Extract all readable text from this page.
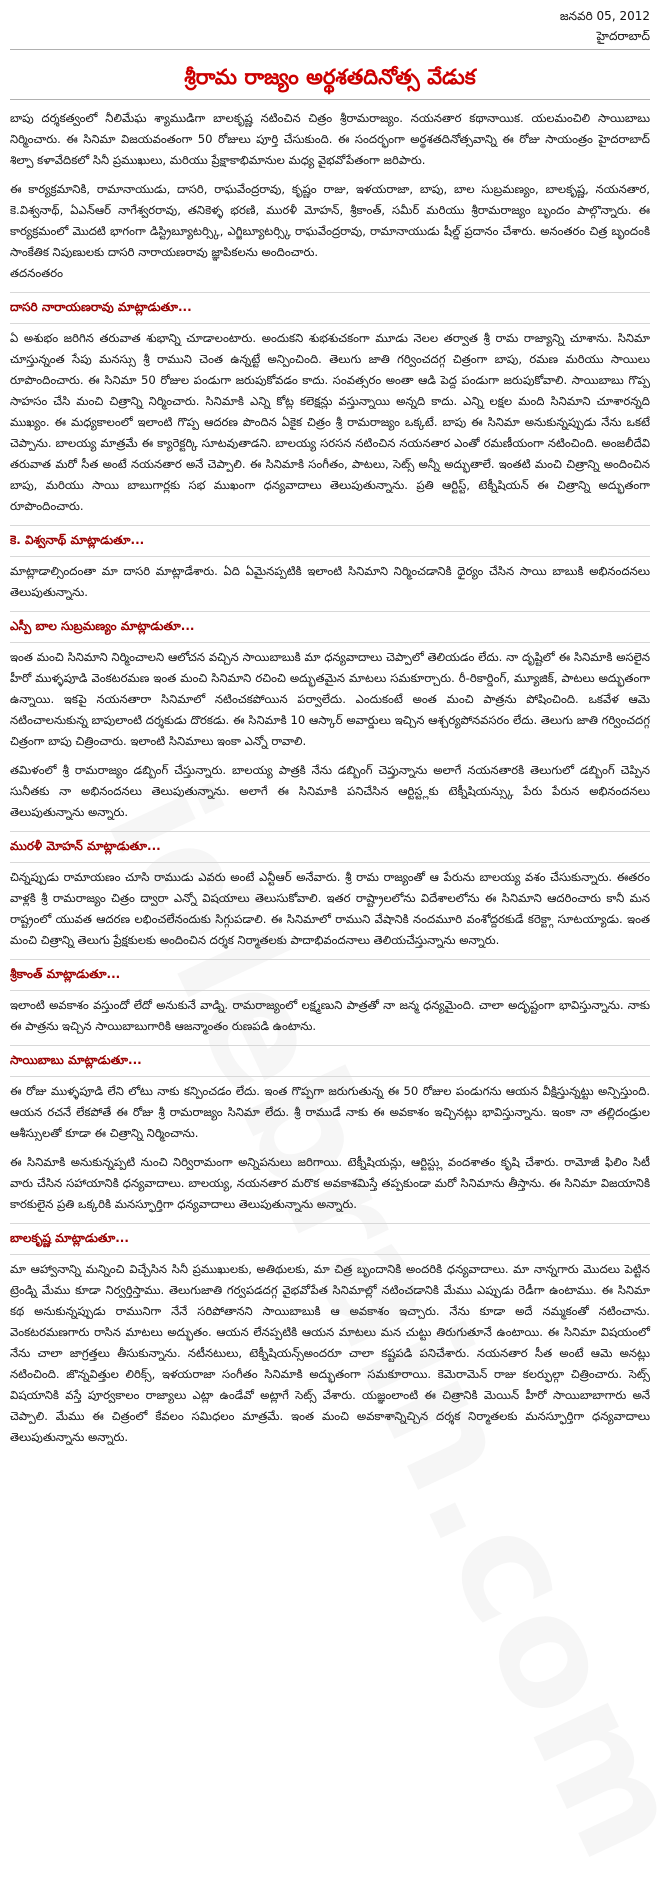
జనవరి 05, 2012
హైదరాబాద్
శ్రీరామ రాజ్యం అర్థశతదినోత్స వేడుక

బాపు దర్శకత్వంలో నీలిమేఘ శ్యాముడిగా బాలకృష్ణ నటించిన చిత్రం శ్రీరామరాజ్యం. నయనతార కథానాయిక. యలమంచిలి సాయిబాబు నిర్మించారు. ఈ సినిమా విజయవంతంగా 50 రోజులు పూర్తి చేసుకుంది. ఈ సందర్భంగా అర్థశతదినోత్సవాన్ని ఈ రోజు సాయంత్రం హైదరాబాద్ శిల్పా కళావేదికలో సినీ ప్రముఖులు, మరియు ప్రేక్షాకాభిమానుల మధ్య వైభవోపేతంగా జరిపారు.

ఈ కార్యక్రమానికి, రామానాయుడు, దాసరి, రాఘవేంద్రరావు, కృష్ణం రాజు, ఇళయరాజా, బాపు, బాల సుబ్రమణ్యం, బాలకృష్ణ, నయనతార, కె.విశ్వనాథ్, ఏఎన్ఆర్ నాగేశ్వరరావు, తనికెళ్ళ భరణి, మురళీ మోహన్, శ్రీకాంత్, సమీర్ మరియు శ్రీరామరాజ్యం బృందం పాల్గొన్నారు. ఈ కార్యక్రమంలో మొదటి భాగంగా డిస్ట్రిబ్యూటర్స్కి, ఎగ్జిబ్యూటర్స్కి రాఘవేంద్రరావు, రామానాయుడు షీల్డ్ ప్రదానం చేశారు. అనంతరం చిత్ర బృందంకి సాంకేతిక నిపుణులకు దాసరి నారాయణరావు జ్ఞాపికలను అందించారు.
తదనంతరం

దాసరి నారాయణరావు మాట్లాడుతూ...

ఏ అశుభం జరిగిన తరువాత శుభాన్ని చూడాలంటారు. అందుకని శుభశుచకంగా మూడు నెలల తర్వాత శ్రీ రామ రాజ్యాన్ని చూశాను. సినిమా చూస్తున్నంత సేపు మనస్సు శ్రీ రాముని చెంత ఉన్నట్టే అన్పించింది. తెలుగు జాతి గర్వించదగ్గ చిత్రంగా బాపు, రమణ మరియు సాయిలు రూపొందించారు. ఈ సినిమా 50 రోజుల పండుగా జరుపుకోవడం కాదు. సంవత్సరం అంతా ఆడి పెద్ద పండుగా జరుపుకోవాలి. సాయిబాబు గొప్ప సాహసం చేసి మంచి చిత్రాన్ని నిర్మించారు. సినిమాకి ఎన్ని కోట్ల కలెక్షన్లు వస్తున్నాయి అన్నది కాదు. ఎన్ని లక్షల మంది సినిమాని చూశారన్నది ముఖ్యం. ఈ మధ్యకాలంలో ఇలాంటి గొప్ప ఆదరణ పొందిన ఏకైక చిత్రం శ్రీ రామరాజ్యం ఒక్కటే. బాపు ఈ సినిమా అనుకున్నప్పుడు నేను ఒకటే చెప్పాను. బాలయ్య మాత్రమే ఈ క్యారెక్టర్కి సూటవుతాడని. బాలయ్య సరసన నటించిన నయనతార ఎంతో రమణీయంగా నటించింది. అంజలీదేవి తరువాత మరో సీత అంటే నయనతార అనే చెప్పాలి. ఈ సినిమాకి సంగీతం, పాటలు, సెట్స్ అన్నీ అద్భుతాలే. ఇంతటి మంచి చిత్రాన్ని అందించిన బాపు, మరియు సాయి బాబుగార్లకు సభ ముఖంగా ధన్యవాదాలు తెలుపుతున్నాను. ప్రతి ఆర్టిస్ట్, టెక్నీషియన్ ఈ చిత్రాన్ని అద్భుతంగా రూపొందించారు.

కె. విశ్వనాథ్ మాట్లాడుతూ...

మాట్లాడాల్సిందంతా మా దాసరి మాట్లాడేశారు. ఏది ఏమైనప్పటికి ఇలాంటి సినిమాని నిర్మించడానికి ధైర్యం చేసిన సాయి బాబుకి అభినందనలు తెలుపుతున్నాను.

ఎస్పీ బాల సుబ్రమణ్యం మాట్లాడుతూ...

ఇంత మంచి సినిమాని నిర్మించాలని ఆలోచన వచ్చిన సాయిబాబుకి మా ధన్యవాదాలు చెప్పాలో తెలియడం లేదు. నా దృష్టిలో ఈ సినిమాకి అసలైన హీరో ముళ్ళపూడి వెంకటరమణ ఇంత మంచి సినిమాని రచించి అద్భుతమైన మాటలు సమకూర్చారు. రీ-రికార్డింగ్, మ్యూజిక్, పాటలు అద్భుతంగా ఉన్నాయి. ఇకపై నయనతారా సినిమాలో నటించకపోయిన పర్వాలేదు. ఎందుకంటే అంత మంచి పాత్రను పోషించింది. ఒకవేళ ఆమె నటించాలనుకున్న బాపులాంటి దర్శకుడు దొరకడు. ఈ సినిమాకి 10 ఆస్కార్ అవార్డులు ఇచ్చిన ఆశ్చర్యపోనవసరం లేదు. తెలుగు జాతి గర్వించదగ్గ చిత్రంగా బాపు చిత్రించారు. ఇలాంటి సినిమాలు ఇంకా ఎన్నో రావాలి.

తమిళంలో శ్రీ రామరాజ్యం డబ్బింగ్ చేస్తున్నారు. బాలయ్య పాత్రకి నేను డబ్బింగ్ చెప్తున్నాను అలాగే నయనతారకి తెలుగులో డబ్బింగ్ చెప్పిన సునీతకు నా అభినందనలు తెలుపుతున్నాను. అలాగే ఈ సినిమాకి పనిచేసిన ఆర్టిస్ట్లకు టెక్నీషియన్స్కు పేరు పేరున అభినందనలు తెలుపుతున్నాను అన్నారు.

మురళీ మోహన్ మాట్లాడుతూ...

చిన్నప్పుడు రామాయణం చూసి రాముడు ఎవరు అంటే ఎన్టీఆర్ అనేవారు. శ్రీ రామ రాజ్యంతో ఆ పేరును బాలయ్య వశం చేసుకున్నారు. ఈతరం వాళ్లకి శ్రీ రామరాజ్యం చిత్రం ద్వారా ఎన్నో విషయాలు తెలుసుకోవాలి. ఇతర రాష్ట్రాలలోను విదేశాలలోను ఈ సినిమాని ఆదరించారు కానీ మన రాష్ట్రంలో యువత ఆదరణ లభించలేనందుకు సిగ్గుపడాలి. ఈ సినిమాలో రాముని వేషానికి నందమూరి వంశోద్దరకుడే కరెక్ట్గా సూటయ్యాడు. ఇంత మంచి చిత్రాన్ని తెలుగు ప్రేక్షకులకు అందించిన దర్శక నిర్మాతలకు పాదాభివందనాలు తెలియచేస్తున్నాను అన్నారు.

శ్రీకాంత్ మాట్లాడుతూ...

ఇలాంటి అవకాశం వస్తుందో లేదో అనుకునే వాడ్ని. రామరాజ్యంలో లక్ష్మణుని పాత్రతో నా జన్మ ధన్యమైంది. చాలా అదృష్టంగా భావిస్తున్నాను. నాకు ఈ పాత్రను ఇచ్చిన సాయిబాబుగారికి ఆజన్మాంతం రుణపడి ఉంటాను.

సాయిబాబు మాట్లాడుతూ...

ఈ రోజు ముళ్ళపూడి లేని లోటు నాకు కన్పించడం లేదు. ఇంత గొప్పగా జరుగుతున్న ఈ 50 రోజుల పండుగను ఆయన వీక్షిస్తున్నట్టు అన్పిస్తుంది. ఆయన రచనే లేకపోతే ఈ రోజు శ్రీ రామరాజ్యం సినిమా లేదు. శ్రీ రాముడే నాకు ఈ అవకాశం ఇచ్చినట్లు భావిస్తున్నాను. ఇంకా నా తల్లిదండ్రుల ఆశీస్సులతో కూడా ఈ చిత్రాన్ని నిర్మించాను.

ఈ సినిమాకి అనుకున్నప్పటి నుంచి నిర్విరామంగా అన్నిపనులు జరిగాయి. టెక్నీషియన్లు, ఆర్టిస్ట్లు వందశాతం కృషి చేశారు. రామోజీ ఫిలిం సిటీ వారు చేసిన సహాయానికి ధన్యవాదాలు. బాలయ్య, నయనతార మరొక అవకాశమిస్తే తప్పకుండా మరో సినిమాను తీస్తాను. ఈ సినిమా విజయానికి కారకులైన ప్రతి ఒక్కరికి మనస్ఫూర్తిగా ధన్యవాదాలు తెలుపుతున్నాను అన్నారు.

బాలకృష్ణ మాట్లాడుతూ...

మా ఆహ్వానాన్ని మన్నించి విచ్చేసిన సినీ ప్రముఖులకు, అతిథులకు, మా చిత్ర బృందానికి అందరికి ధన్యవాదాలు. మా నాన్నగారు మొదలు పెట్టిన ట్రెండ్ని మేము కూడా నిర్వర్తిస్తాము. తెలుగుజాతి గర్వపడదగ్గ వైభవోపేత సినిమాల్లో నటించడానికి మేము ఎప్పుడు రెడీగా ఉంటాము. ఈ సినిమా కథ అనుకున్నప్పుడు రామునిగా నేనే సరిపోతానని సాయిబాబుకి ఆ అవకాశం ఇచ్చారు. నేను కూడా అదే నమ్మకంతో నటించాను. వెంకటరమణగారు రాసిన మాటలు అద్భుతం. ఆయన లేనప్పటికి ఆయన మాటలు మన చుట్టు తిరుగుతూనే ఉంటాయి. ఈ సినిమా విషయంలో నేను చాలా జాగ్రత్తలు తీసుకున్నాను. నటీనటులు, టెక్నీషియన్స్అందరూ చాలా కష్టపడి పనిచేశారు. నయనతార సీత అంటే ఆమె అనట్లు నటించింది. జొన్నవిత్తుల లిరిక్స్, ఇళయరాజా సంగీతం సినిమాకి అద్భుతంగా సమకూరాయి. కెమెరామెన్ రాజు కలర్ఫుల్గా చిత్రించారు. సెట్స్ విషయానికి వస్తే పూర్వకాలం రాజ్యాలు ఎట్లా ఉండేవో అట్లాగే సెట్స్ వేశారు. యజ్ఞంలాంటి ఈ చిత్రానికి మెయిన్ హీరో సాయిబాబాగారు అనే చెప్పాలి. మేము ఈ చిత్రంలో కేవలం సమిధలం మాత్రమే. ఇంత మంచి అవకాశాన్నిచ్చిన దర్శక నిర్మాతలకు మనస్ఫూర్తిగా ధన్యవాదాలు తెలుపుతున్నాను అన్నారు.
